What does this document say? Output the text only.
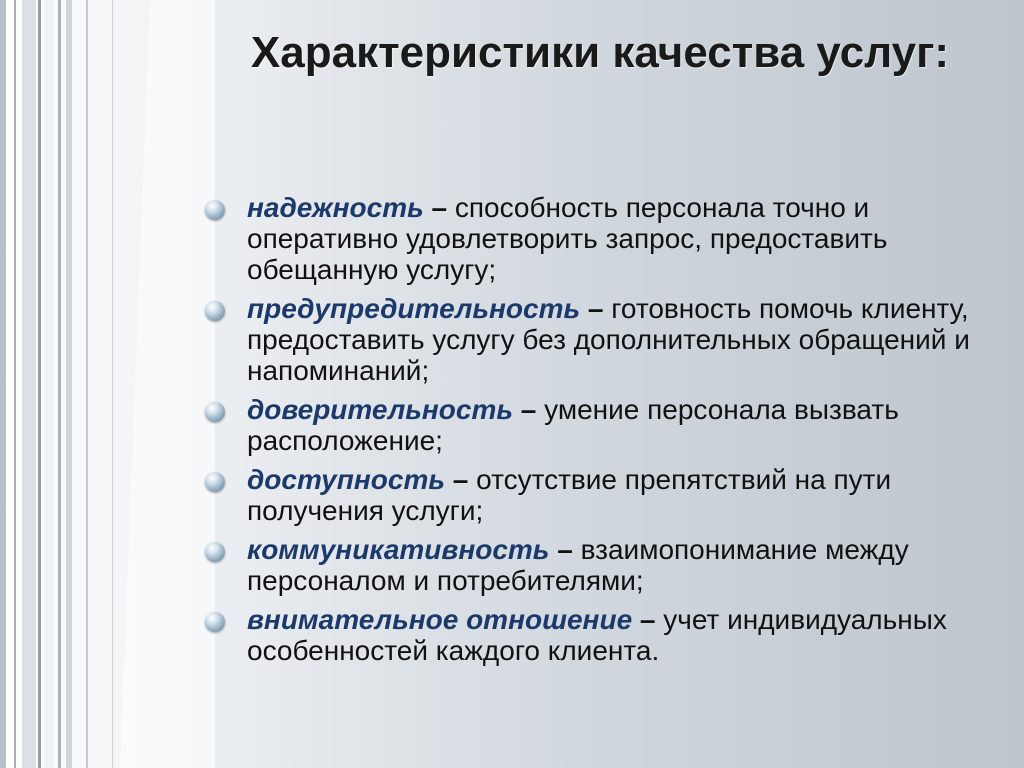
Характеристики качества услуг:
надежность – способность персонала точно и оперативно удовлетворить запрос, предоставить обещанную услугу;
предупредительность – готовность помочь клиенту, предоставить услугу без дополнительных обращений и напоминаний;
доверительность – умение персонала вызвать расположение;
доступность – отсутствие препятствий на пути получения услуги;
коммуникативность – взаимопонимание между персоналом и потребителями;
внимательное отношение – учет индивидуальных особенностей каждого клиента.
